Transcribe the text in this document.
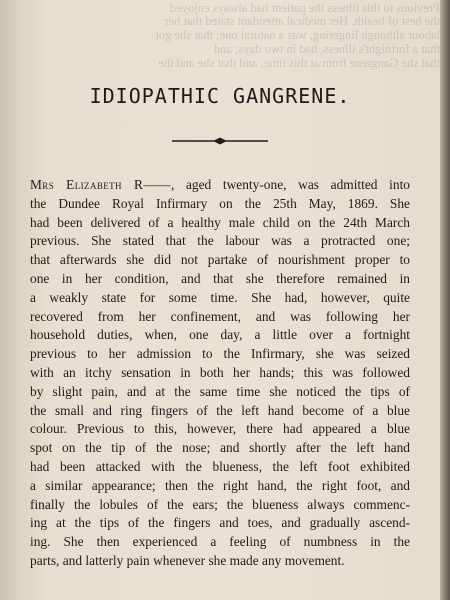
Previous to this illness the patient had always enjoyed
the best of health. Her medical attendant stated that her
labour although lingering, was a natural one; that she got
that a fortnight's illness, had in two days; and
that she Gangrene from at this time, and that she and the
IDIOPATHIC GANGRENE.
Mrs Elizabeth R——, aged twenty-one, was admitted into
the Dundee Royal Infirmary on the 25th May, 1869. She
had been delivered of a healthy male child on the 24th March
previous. She stated that the labour was a protracted one;
that afterwards she did not partake of nourishment proper to
one in her condition, and that she therefore remained in
a weakly state for some time. She had, however, quite
recovered from her confinement, and was following her
household duties, when, one day, a little over a fortnight
previous to her admission to the Infirmary, she was seized
with an itchy sensation in both her hands; this was followed
by slight pain, and at the same time she noticed the tips of
the small and ring fingers of the left hand become of a blue
colour. Previous to this, however, there had appeared a blue
spot on the tip of the nose; and shortly after the left hand
had been attacked with the blueness, the left foot exhibited
a similar appearance; then the right hand, the right foot, and
finally the lobules of the ears; the blueness always commenc-
ing at the tips of the fingers and toes, and gradually ascend-
ing. She then experienced a feeling of numbness in the
parts, and latterly pain whenever she made any movement.
